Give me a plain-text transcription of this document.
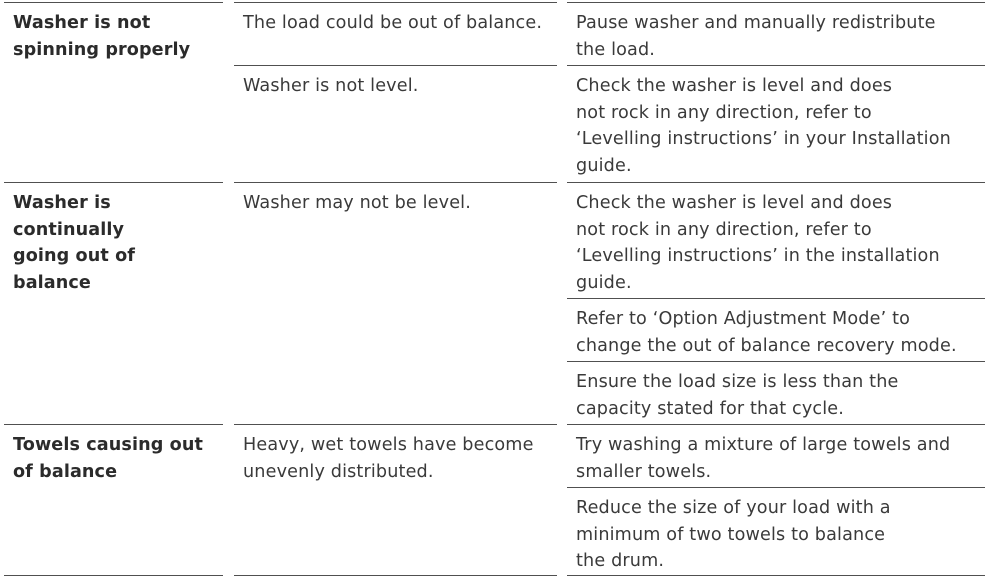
Washer is not
spinning properly
Washer is continually
going out of balance
Towels causing out
of balance
The load could be out of balance.
Washer is not level.
Washer may not be level.
Heavy, wet towels have become
unevenly distributed.
Pause washer and manually redistribute
the load.
Check the washer is level and does
not rock in any direction, refer to
‘Levelling instructions’ in your Installation
guide.
Check the washer is level and does
not rock in any direction, refer to
‘Levelling instructions’ in the installation
guide.
Refer to ‘Option Adjustment Mode’ to
change the out of balance recovery mode.
Ensure the load size is less than the
capacity stated for that cycle.
Try washing a mixture of large towels and
smaller towels.
Reduce the size of your load with a
minimum of two towels to balance
the drum.
